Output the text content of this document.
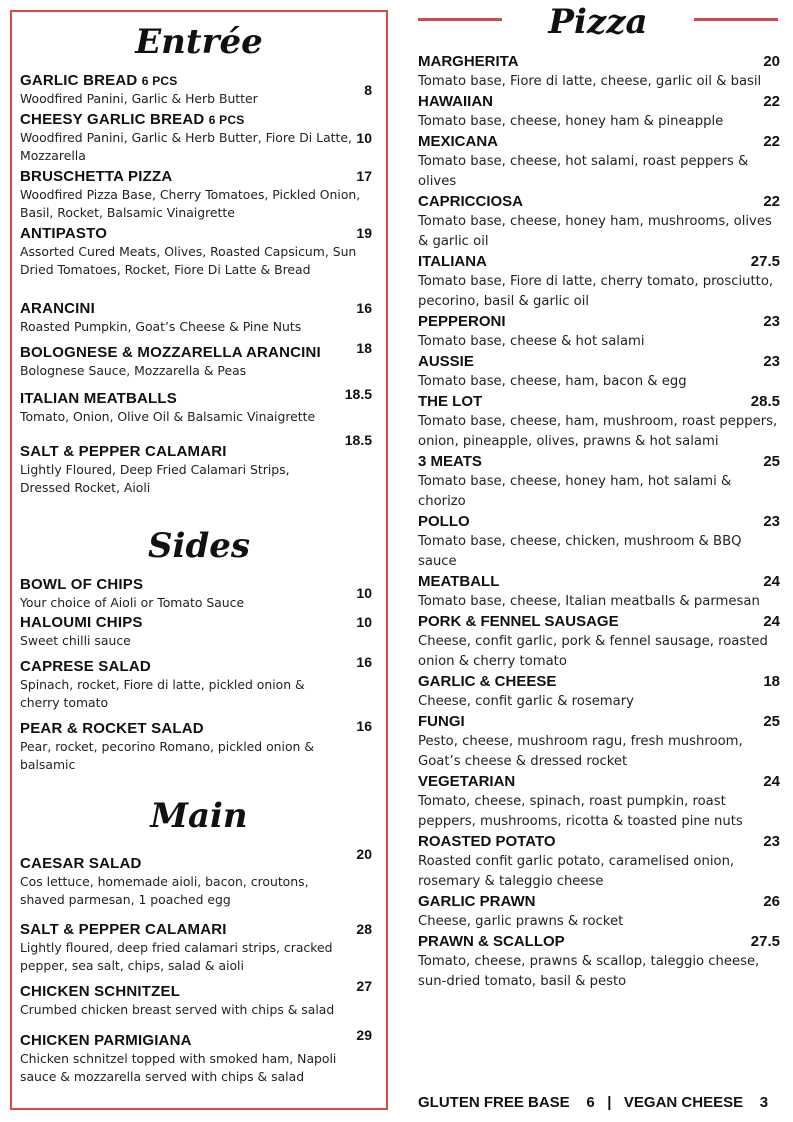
Entrée
GARLIC BREAD 6 PCS
Woodfired Panini, Garlic & Herb Butter
8
CHEESY GARLIC BREAD 6 PCS
Woodfired Panini, Garlic & Herb Butter, Fiore Di Latte, Mozzarella
10
BRUSCHETTA PIZZA
Woodfired Pizza Base, Cherry Tomatoes, Pickled Onion, Basil, Rocket, Balsamic Vinaigrette
17
ANTIPASTO
Assorted Cured Meats, Olives, Roasted Capsicum, Sun Dried Tomatoes, Rocket, Fiore Di Latte & Bread
19
ARANCINI
Roasted Pumpkin, Goat’s Cheese & Pine Nuts
16
BOLOGNESE & MOZZARELLA ARANCINI
Bolognese Sauce, Mozzarella & Peas
18
ITALIAN MEATBALLS
Tomato, Onion, Olive Oil & Balsamic Vinaigrette
18.5
SALT & PEPPER CALAMARI
Lightly Floured, Deep Fried Calamari Strips, Dressed Rocket, Aioli
18.5
Sides
BOWL OF CHIPS
Your choice of Aioli or Tomato Sauce
10
HALOUMI CHIPS
Sweet chilli sauce
10
CAPRESE SALAD
Spinach, rocket, Fiore di latte, pickled onion & cherry tomato
16
PEAR & ROCKET SALAD
Pear, rocket, pecorino Romano, pickled onion & balsamic
16
Main
CAESAR SALAD
Cos lettuce, homemade aioli, bacon, croutons, shaved parmesan, 1 poached egg
20
SALT & PEPPER CALAMARI
Lightly floured, deep fried calamari strips, cracked pepper, sea salt, chips, salad & aioli
28
CHICKEN SCHNITZEL
Crumbed chicken breast served with chips & salad
27
CHICKEN PARMIGIANA
Chicken schnitzel topped with smoked ham, Napoli sauce & mozzarella served with chips & salad
29
Pizza
MARGHERITA	20
Tomato base, Fiore di latte, cheese, garlic oil & basil
HAWAIIAN	22
Tomato base, cheese, honey ham & pineapple
MEXICANA	22
Tomato base, cheese, hot salami, roast peppers & olives
CAPRICCIOSA	22
Tomato base, cheese, honey ham, mushrooms, olives & garlic oil
ITALIANA	27.5
Tomato base, Fiore di latte, cherry tomato, prosciutto, pecorino, basil & garlic oil
PEPPERONI	23
Tomato base, cheese & hot salami
AUSSIE	23
Tomato base, cheese, ham, bacon & egg
THE LOT	28.5
Tomato base, cheese, ham, mushroom, roast peppers, onion, pineapple, olives, prawns & hot salami
3 MEATS	25
Tomato base, cheese, honey ham, hot salami & chorizo
POLLO	23
Tomato base, cheese, chicken, mushroom & BBQ sauce
MEATBALL	24
Tomato base, cheese, Italian meatballs & parmesan
PORK & FENNEL SAUSAGE	24
Cheese, confit garlic, pork & fennel sausage, roasted onion & cherry tomato
GARLIC & CHEESE	18
Cheese, confit garlic & rosemary
FUNGI	25
Pesto, cheese, mushroom ragu, fresh mushroom, Goat’s cheese & dressed rocket
VEGETARIAN	24
Tomato, cheese, spinach, roast pumpkin, roast peppers, mushrooms, ricotta & toasted pine nuts
ROASTED POTATO	23
Roasted confit garlic potato, caramelised onion, rosemary & taleggio cheese
GARLIC PRAWN	26
Cheese, garlic prawns & rocket
PRAWN & SCALLOP	27.5
Tomato, cheese, prawns & scallop, taleggio cheese, sun-dried tomato, basil & pesto
GLUTEN FREE BASE    6   |   VEGAN CHEESE    3
